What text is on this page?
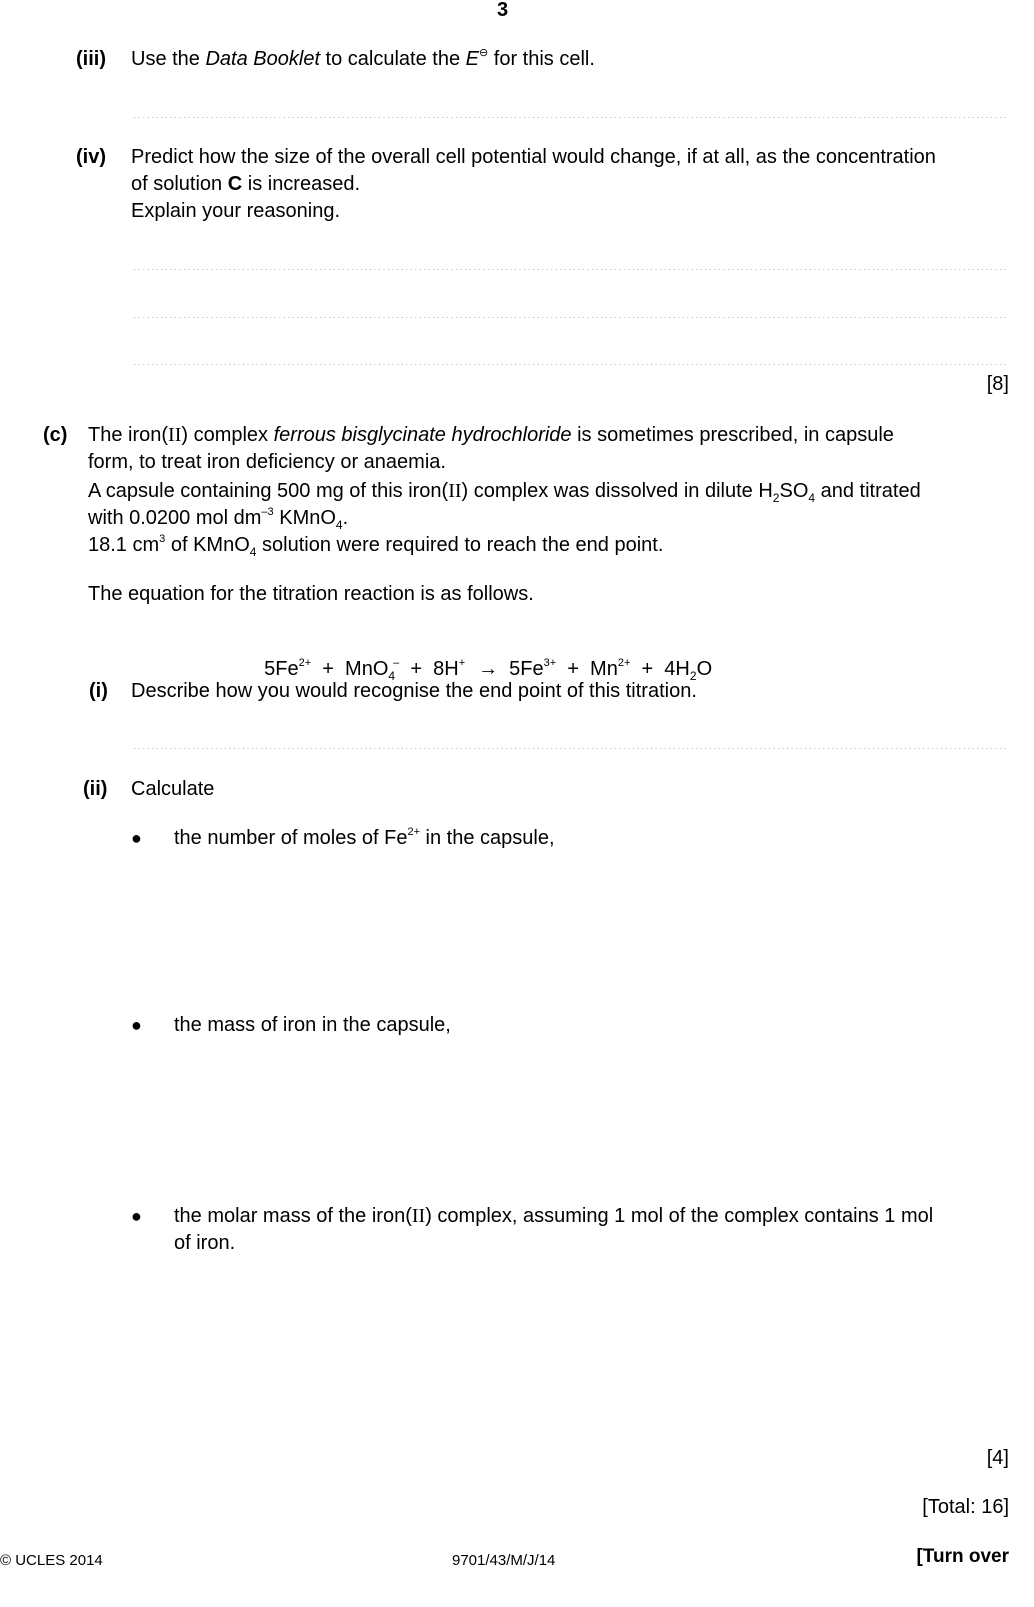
3
(iii) Use the Data Booklet to calculate the E⊖ for this cell.
.....
(iv) Predict how the size of the overall cell potential would change, if at all, as the concentration
of solution C is increased.
Explain your reasoning.
.....
.....
.....
[8]
(c) The iron(II) complex ferrous bisglycinate hydrochloride is sometimes prescribed, in capsule
form, to treat iron deficiency or anaemia.
A capsule containing 500 mg of this iron(II) complex was dissolved in dilute $H_2SO_4$ and titrated
with 0.0200 mol $dm^{-3}$ KMnO$_4$.
18.1 $cm^3$ of KMnO$_4$ solution were required to reach the end point.
The equation for the titration reaction is as follows.

$5Fe^{2+} + MnO_4^- + 8H^+ \to 5Fe^{3+} + Mn^{2+} + 4H_2O$

(i) Describe how you would recognise the end point of this titration.
.....
(ii) Calculate
● the number of moles of $Fe^{2+}$ in the capsule,
● the mass of iron in the capsule,
● the molar mass of the iron(II) complex, assuming 1 mol of the complex contains 1 mol
of iron.
[4]
[Total: 16]
© UCLES 2014	9701/43/M/J/14	[Turn over
